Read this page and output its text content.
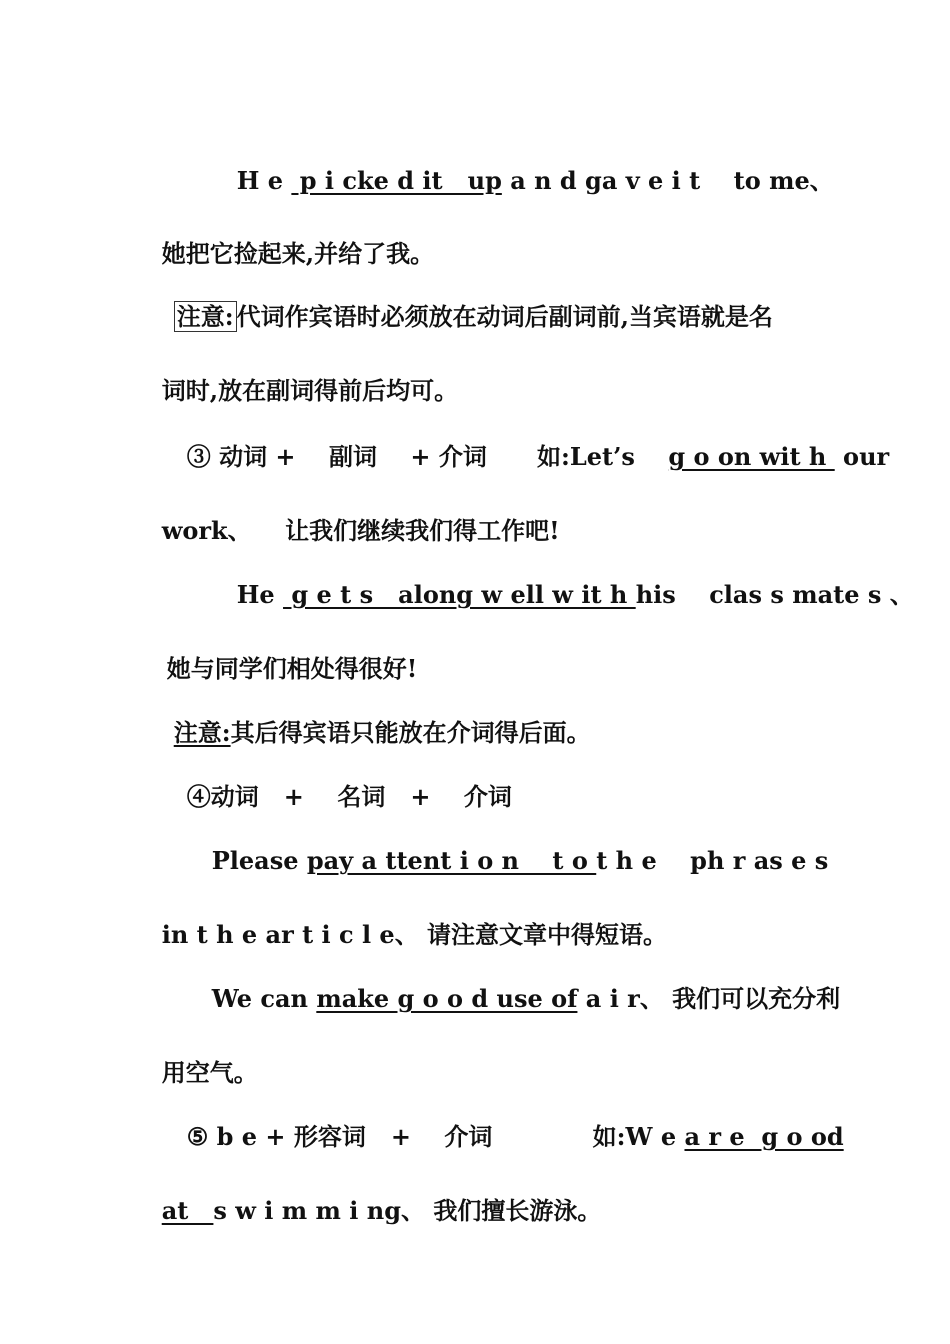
H e  p i cke d it   up a n d ga v e i t    to me、

她把它捡起来,并给了我。

注意: 代词作宾语时必须放在动词后副词前,当宾语就是名

词时,放在副词得前后均可。

③ 动词 +    副词    + 介词      如:Let’s    g o on wit h  our

work、    让我们继续我们得工作吧!

He  g e t s   along w ell w it h his    clas s mate s 、

她与同学们相处得很好!

注意:其后得宾语只能放在介词得后面。

④动词   +    名词   +    介词

Please pay a ttent i o n    t o t h e    ph r as e s

in t h e ar t i c l e、 请注意文章中得短语。

We can make g o o d use of a i r、 我们可以充分利

用空气。

⑤ b e + 形容词   +    介词            如:W e a r e  g o od

at   s w i m m i ng、 我们擅长游泳。
